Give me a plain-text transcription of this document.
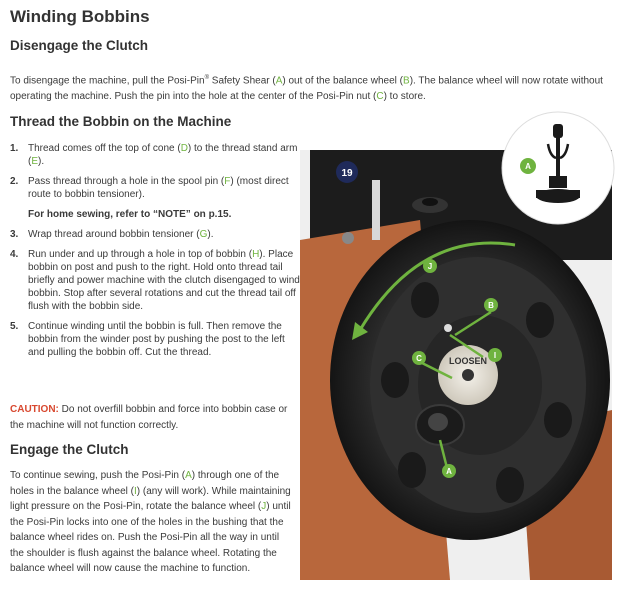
Winding Bobbins
Disengage the Clutch

To disengage the machine, pull the Posi-Pin® Safety Shear (A) out of the balance wheel (B). The balance wheel will now rotate without operating the machine. Push the pin into the hole at the center of the Posi-Pin nut (C) to store.

Thread the Bobbin on the Machine
1. Thread comes off the top of cone (D) to the thread stand arm (E).
2. Pass thread through a hole in the spool pin (F) (most direct route to bobbin tensioner).
For home sewing, refer to “NOTE” on p.15.
3. Wrap thread around bobbin tensioner (G).
4. Run under and up through a hole in top of bobbin (H). Place bobbin on post and push to the right. Hold onto thread tail briefly and power machine with the clutch disengaged to wind bobbin. Stop after several rotations and cut the thread tail off flush with the bobbin side.
5. Continue winding until the bobbin is full. Then remove the bobbin from the winder post by pushing the post to the left and pulling the bobbin off. Cut the thread.

CAUTION: Do not overfill bobbin and force into bobbin case or the machine will not function correctly.

Engage the Clutch

To continue sewing, push the Posi-Pin (A) through one of the holes in the balance wheel (I) (any will work). While maintaining light pressure on the Posi-Pin, rotate the balance wheel (J) until the Posi-Pin locks into one of the holes in the bushing that the balance wheel rides on. Push the Posi-Pin all the way in until the shoulder is flush against the balance wheel. Rotating the balance wheel will now cause the machine to function.

LOOSEN
J
B
C	I
A
19
A
